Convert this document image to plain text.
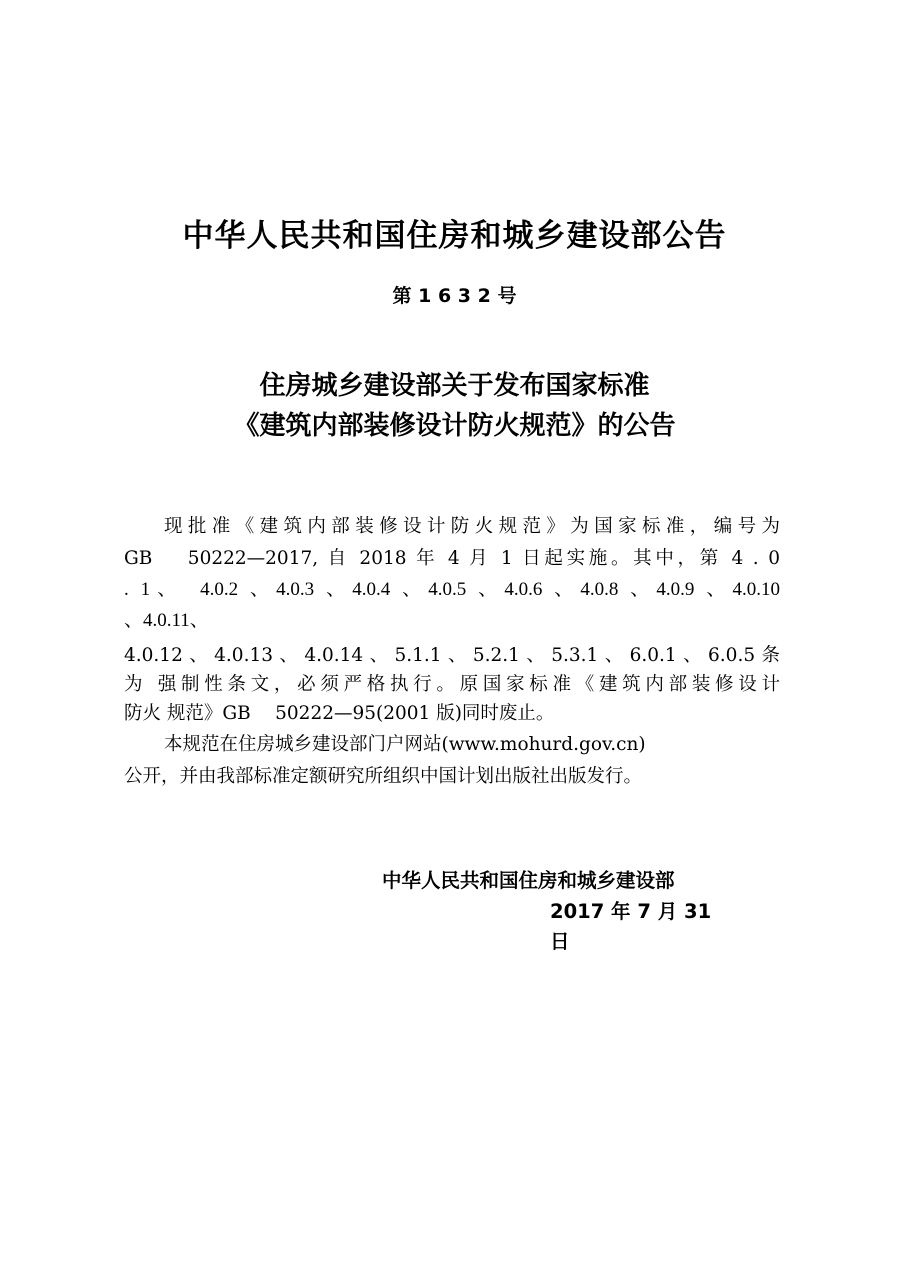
中华人民共和国住房和城乡建设部公告
第 1 6 3 2 号
住房城乡建设部关于发布国家标准
《建筑内部装修设计防火规范》的公告
现批准《建筑内部装修设计防火规范》为国家标准，编号为
GB　 50222—2017, 自 2018 年 4 月 1 日起实施。其中，第 4 . 0
. 1、　4.0.2 、4.0.3 、4.0.4 、4.0.5 、4.0.6 、4.0.8 、4.0.9 、4.0.10
、4.0.11、
4.0.12、4.0.13、4.0.14、5.1.1、5.2.1、5.3.1、6.0.1、6.0.5条
为 强制性条文，必须严格执行。原国家标准《建筑内部装修设计
防火 规范》GB　 50222—95(2001 版)同时废止。
本规范在住房城乡建设部门户网站(www.mohurd.gov.cn)
公开，并由我部标准定额研究所组织中国计划出版社出版发行。
中华人民共和国住房和城乡建设部
2017 年 7 月 31 日
